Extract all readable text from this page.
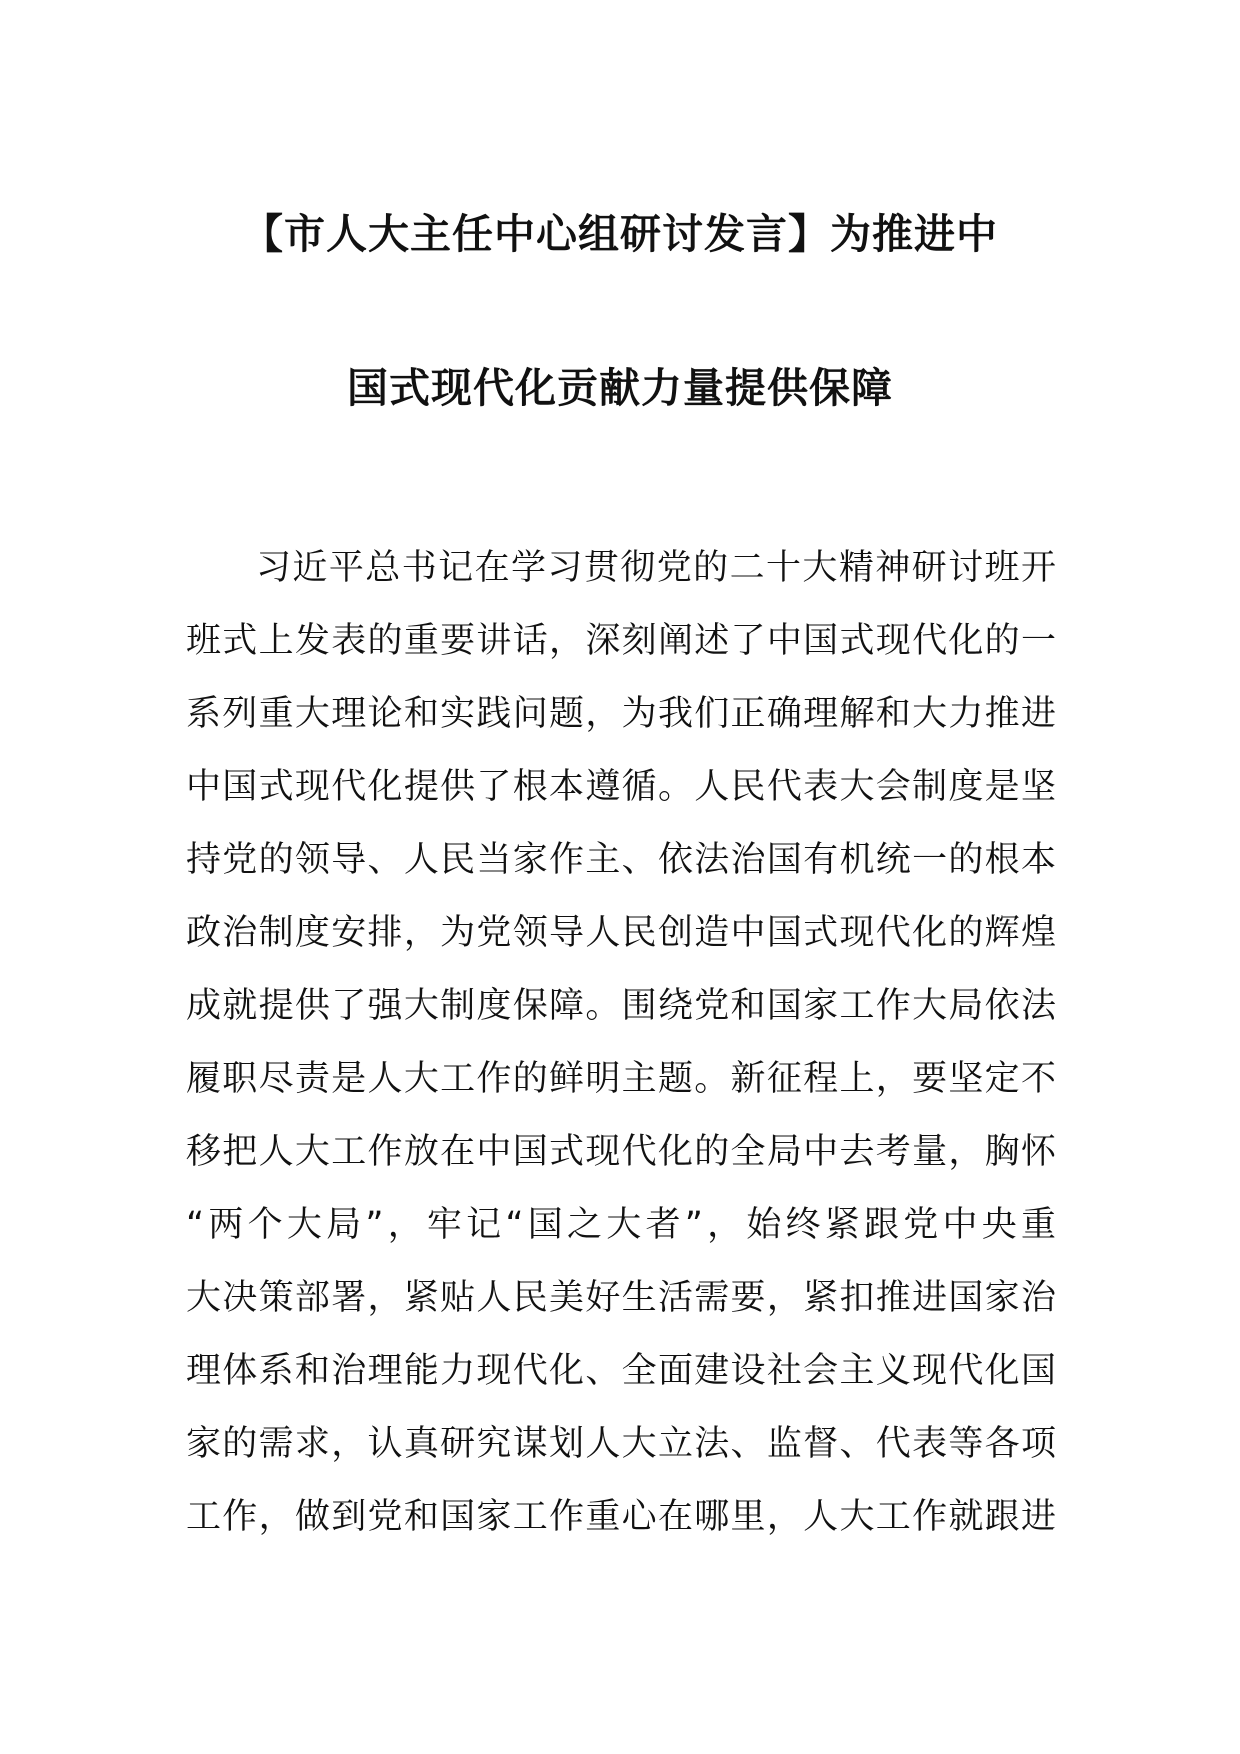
【市人大主任中心组研讨发言】为推进中
国式现代化贡献力量提供保障
习近平总书记在学习贯彻党的二十大精神研讨班开
班式上发表的重要讲话，深刻阐述了中国式现代化的一
系列重大理论和实践问题，为我们正确理解和大力推进
中国式现代化提供了根本遵循。人民代表大会制度是坚
持党的领导、人民当家作主、依法治国有机统一的根本
政治制度安排，为党领导人民创造中国式现代化的辉煌
成就提供了强大制度保障。围绕党和国家工作大局依法
履职尽责是人大工作的鲜明主题。新征程上，要坚定不
移把人大工作放在中国式现代化的全局中去考量，胸怀
“两个大局”，牢记“国之大者”，始终紧跟党中央重
大决策部署，紧贴人民美好生活需要，紧扣推进国家治
理体系和治理能力现代化、全面建设社会主义现代化国
家的需求，认真研究谋划人大立法、监督、代表等各项
工作，做到党和国家工作重心在哪里，人大工作就跟进
